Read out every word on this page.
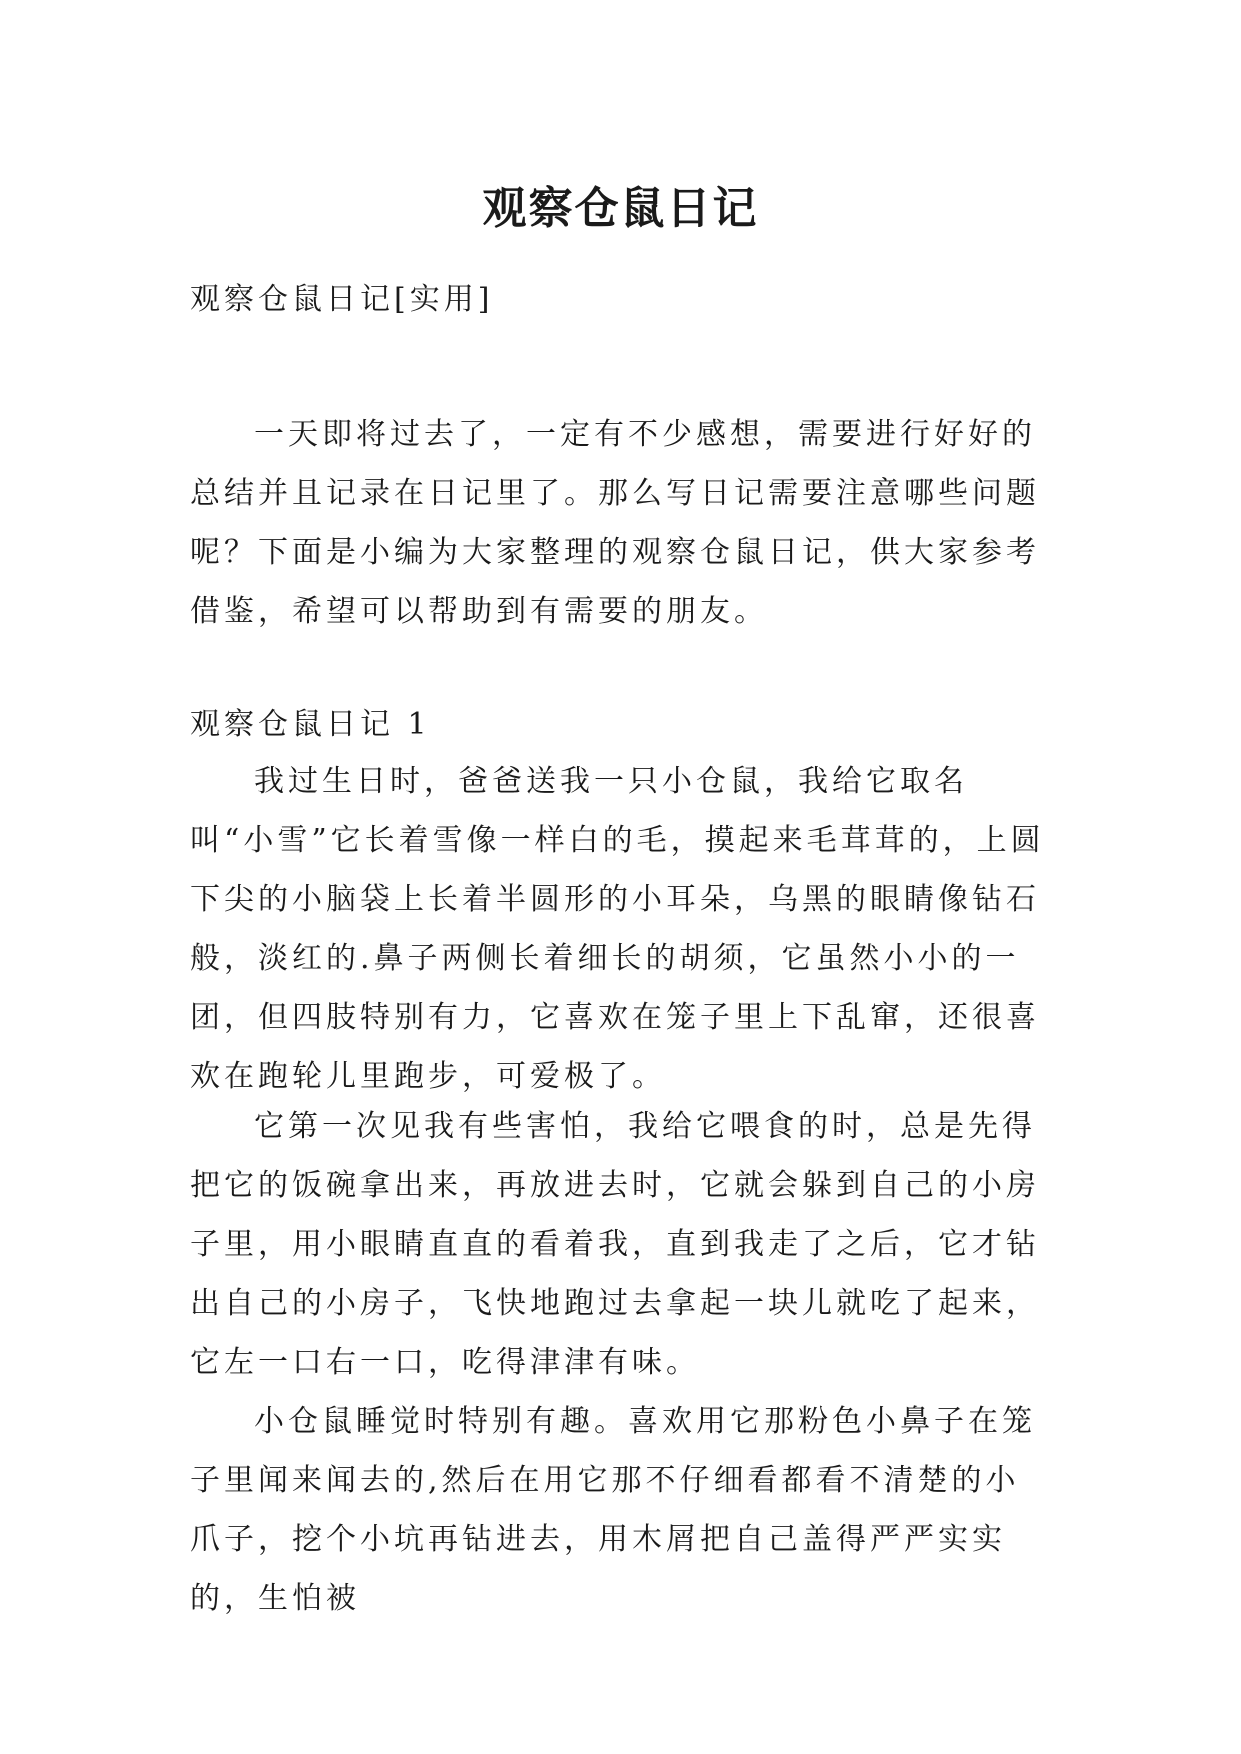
观察仓鼠日记

观察仓鼠日记[实用]

一天即将过去了，一定有不少感想，需要进行好好的总结并且记录在日记里了。那么写日记需要注意哪些问题呢？下面是小编为大家整理的观察仓鼠日记，供大家参考借鉴，希望可以帮助到有需要的朋友。

观察仓鼠日记 1

我过生日时，爸爸送我一只小仓鼠，我给它取名叫“小雪”它长着雪像一样白的毛，摸起来毛茸茸的，上圆下尖的小脑袋上长着半圆形的小耳朵，乌黑的眼睛像钻石般，淡红的.鼻子两侧长着细长的胡须，它虽然小小的一团，但四肢特别有力，它喜欢在笼子里上下乱窜，还很喜欢在跑轮儿里跑步，可爱极了。

它第一次见我有些害怕，我给它喂食的时，总是先得把它的饭碗拿出来，再放进去时，它就会躲到自己的小房子里，用小眼睛直直的看着我，直到我走了之后，它才钻出自己的小房子，飞快地跑过去拿起一块儿就吃了起来，它左一口右一口，吃得津津有味。

小仓鼠睡觉时特别有趣。喜欢用它那粉色小鼻子在笼子里闻来闻去的,然后在用它那不仔细看都看不清楚的小爪子，挖个小坑再钻进去，用木屑把自己盖得严严实实的，生怕被
